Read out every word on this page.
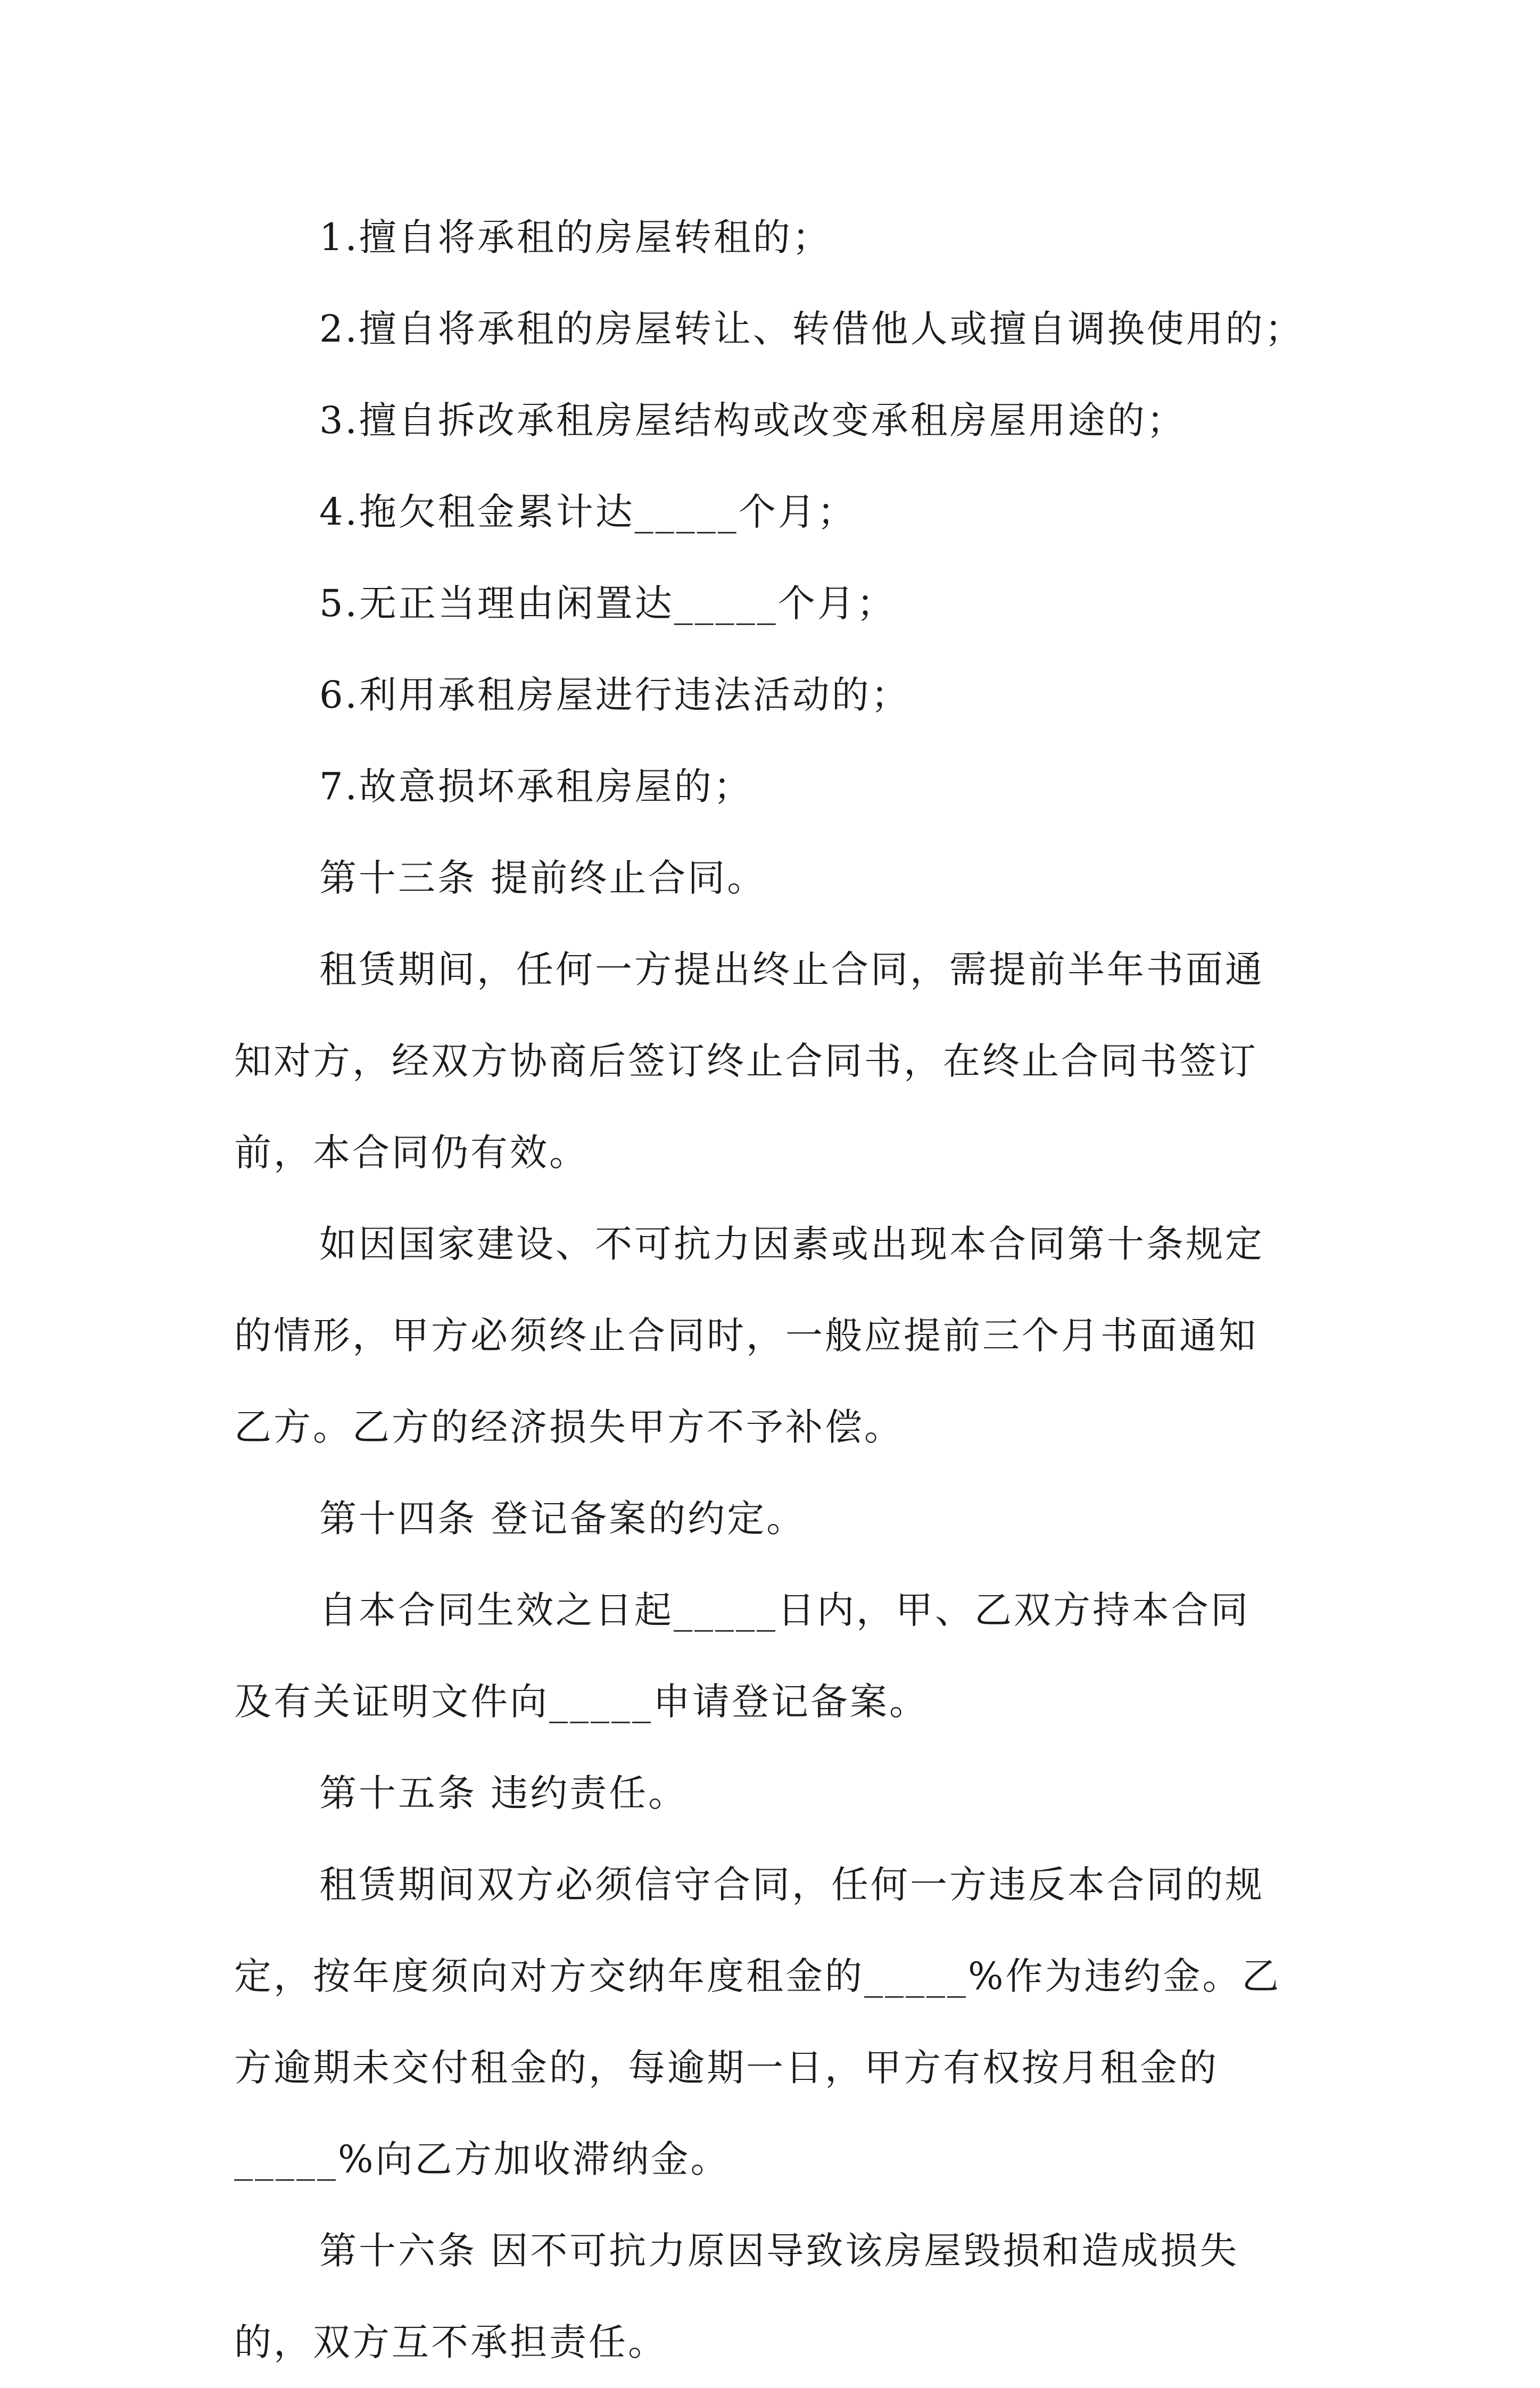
1.擅自将承租的房屋转租的；
2.擅自将承租的房屋转让、转借他人或擅自调换使用的；
3.擅自拆改承租房屋结构或改变承租房屋用途的；
4.拖欠租金累计达_____个月；
5.无正当理由闲置达_____个月；
6.利用承租房屋进行违法活动的；
7.故意损坏承租房屋的；
第十三条 提前终止合同。
租赁期间，任何一方提出终止合同，需提前半年书面通
知对方，经双方协商后签订终止合同书，在终止合同书签订
前，本合同仍有效。
如因国家建设、不可抗力因素或出现本合同第十条规定
的情形，甲方必须终止合同时，一般应提前三个月书面通知
乙方。乙方的经济损失甲方不予补偿。
第十四条 登记备案的约定。
自本合同生效之日起_____日内，甲、乙双方持本合同
及有关证明文件向_____申请登记备案。
第十五条 违约责任。
租赁期间双方必须信守合同，任何一方违反本合同的规
定，按年度须向对方交纳年度租金的_____%作为违约金。乙
方逾期未交付租金的，每逾期一日，甲方有权按月租金的
_____%向乙方加收滞纳金。
第十六条 因不可抗力原因导致该房屋毁损和造成损失
的，双方互不承担责任。
